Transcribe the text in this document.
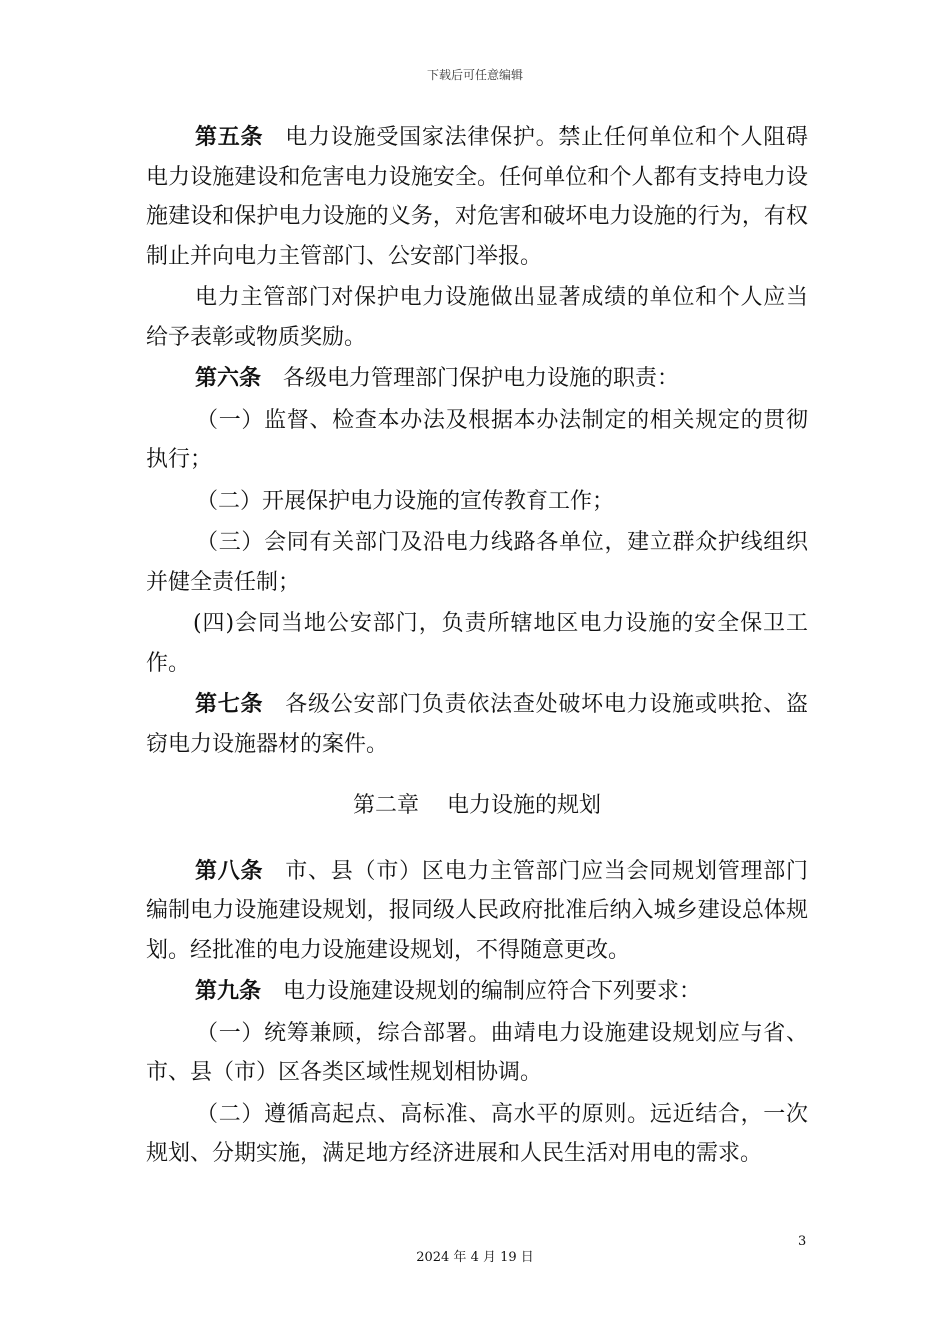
下载后可任意编辑

第五条 电力设施受国家法律保护。禁止任何单位和个人阻碍电力设施建设和危害电力设施安全。任何单位和个人都有支持电力设施建设和保护电力设施的义务，对危害和破坏电力设施的行为，有权制止并向电力主管部门、公安部门举报。

电力主管部门对保护电力设施做出显著成绩的单位和个人应当给予表彰或物质奖励。

第六条 各级电力管理部门保护电力设施的职责：

（一）监督、检查本办法及根据本办法制定的相关规定的贯彻执行；

（二）开展保护电力设施的宣传教育工作；

（三）会同有关部门及沿电力线路各单位，建立群众护线组织并健全责任制；

(四)会同当地公安部门，负责所辖地区电力设施的安全保卫工作。

第七条 各级公安部门负责依法查处破坏电力设施或哄抢、盗窃电力设施器材的案件。

第二章 电力设施的规划

第八条 市、县（市）区电力主管部门应当会同规划管理部门编制电力设施建设规划，报同级人民政府批准后纳入城乡建设总体规划。经批准的电力设施建设规划，不得随意更改。

第九条 电力设施建设规划的编制应符合下列要求：

（一）统筹兼顾，综合部署。曲靖电力设施建设规划应与省、市、县（市）区各类区域性规划相协调。

（二）遵循高起点、高标准、高水平的原则。远近结合，一次规划、分期实施，满足地方经济进展和人民生活对用电的需求。

3
2024 年 4 月 19 日
